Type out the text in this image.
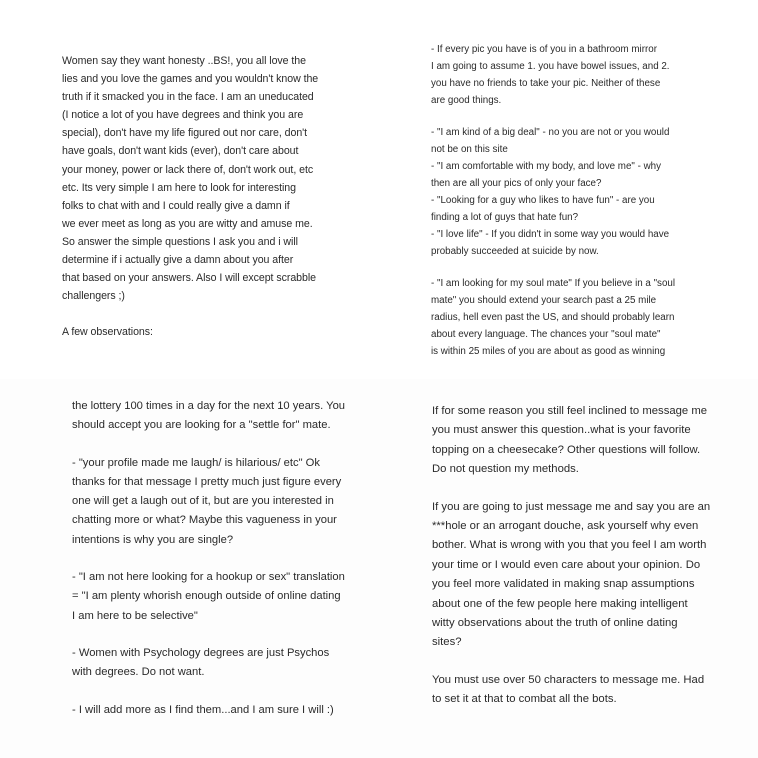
Women say they want honesty ..BS!, you all love the
lies and you love the games and you wouldn't know the
truth if it smacked you in the face. I am an uneducated
(I notice a lot of you have degrees and think you are
special), don't have my life figured out nor care, don't
have goals, don't want kids (ever), don't care about
your money, power or lack there of, don't work out, etc
etc. Its very simple I am here to look for interesting
folks to chat with and I could really give a damn if
we ever meet as long as you are witty and amuse me.
So answer the simple questions I ask you and i will
determine if i actually give a damn about you after
that based on your answers. Also I will except scrabble
challengers ;)

A few observations:

- If every pic you have is of you in a bathroom mirror
I am going to assume 1. you have bowel issues, and 2.
you have no friends to take your pic. Neither of these
are good things.

- "I am kind of a big deal" - no you are not or you would
not be on this site
- "I am comfortable with my body, and love me" - why
then are all your pics of only your face?
- "Looking for a guy who likes to have fun" - are you
finding a lot of guys that hate fun?
- "I love life" - If you didn't in some way you would have
probably succeeded at suicide by now.

- "I am looking for my soul mate" If you believe in a "soul
mate" you should extend your search past a 25 mile
radius, hell even past the US, and should probably learn
about every language. The chances your "soul mate"
is within 25 miles of you are about as good as winning

the lottery 100 times in a day for the next 10 years. You
should accept you are looking for a "settle for" mate.

- "your profile made me laugh/ is hilarious/ etc" Ok
thanks for that message I pretty much just figure every
one will get a laugh out of it, but are you interested in
chatting more or what? Maybe this vagueness in your
intentions is why you are single?

- "I am not here looking for a hookup or sex" translation
= "I am plenty whorish enough outside of online dating
I am here to be selective"

- Women with Psychology degrees are just Psychos
with degrees. Do not want.

- I will add more as I find them...and I am sure I will :)

If for some reason you still feel inclined to message me
you must answer this question..what is your favorite
topping on a cheesecake? Other questions will follow.
Do not question my methods.

If you are going to just message me and say you are an
***hole or an arrogant douche, ask yourself why even
bother. What is wrong with you that you feel I am worth
your time or I would even care about your opinion. Do
you feel more validated in making snap assumptions
about one of the few people here making intelligent
witty observations about the truth of online dating
sites?

You must use over 50 characters to message me. Had
to set it at that to combat all the bots.
